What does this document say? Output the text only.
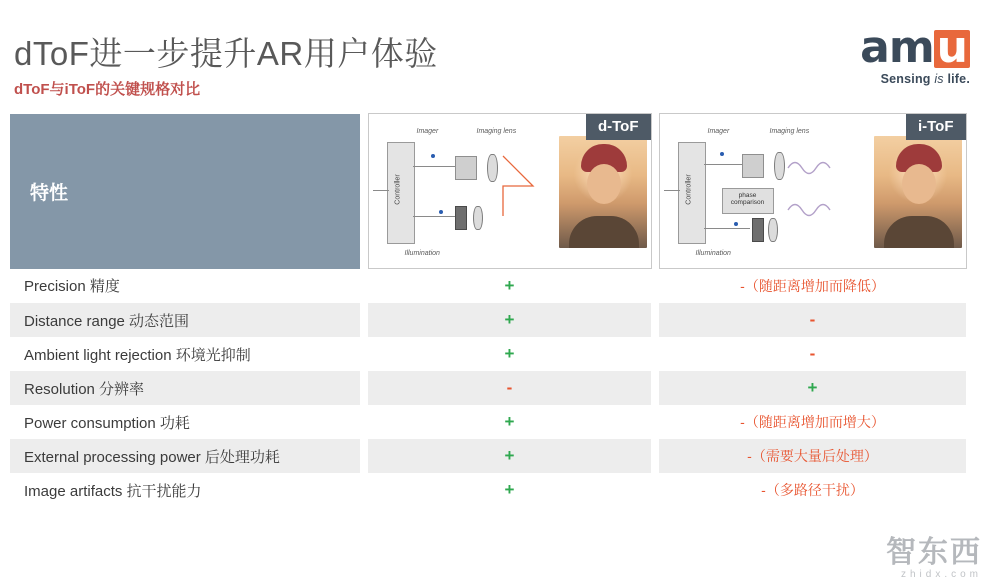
dToF进一步提升AR用户体验
dToF与iToF的关键规格对比
amu
Sensing is life.
特性		
d-ToF
Imager	Imaging lens
Controller
Illumination

i-ToF
Imager	Imaging lens
Controller	phase comparison
Illumination

Precision 精度		+		-（随距离增加而降低）
Distance range 动态范围		+		-
Ambient light rejection 环境光抑制		+		-
Resolution 分辨率		-		+
Power consumption 功耗		+		-（随距离增加而增大）
External processing power 后处理功耗		+		-（需要大量后处理）
Image artifacts 抗干扰能力		+		-（多路径干扰）
智东西
zhidx.com
